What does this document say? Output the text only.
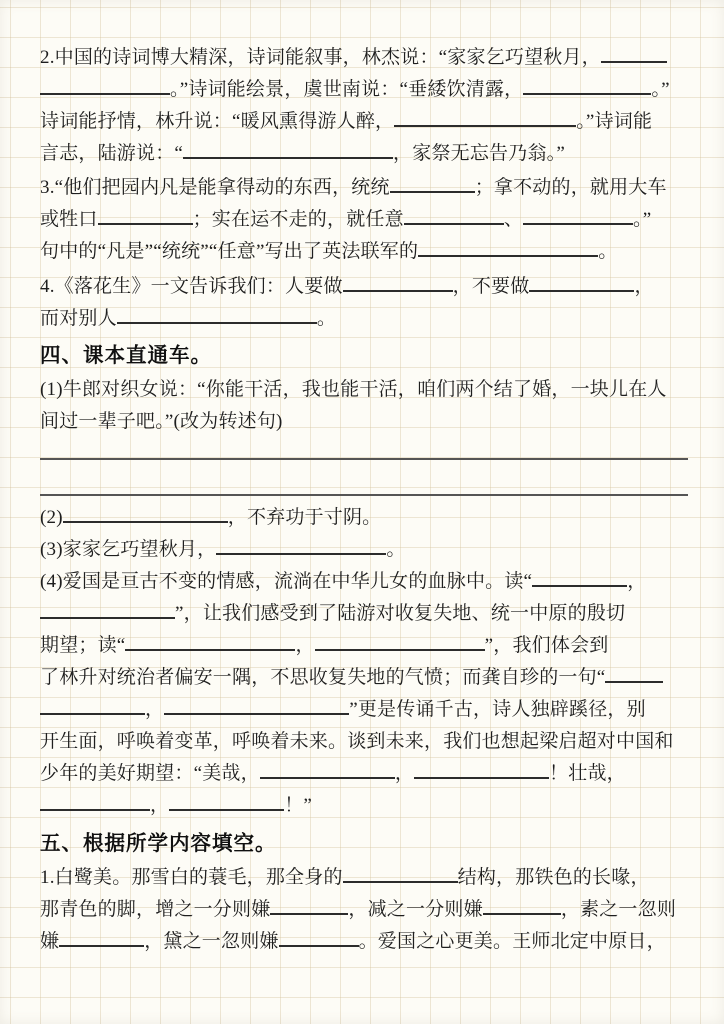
2.中国的诗词博大精深，诗词能叙事，林杰说：“家家乞巧望秋月，
。”诗词能绘景，虞世南说：“垂緌饮清露，	。”
诗词能抒情，林升说：“暖风熏得游人醉，	。”诗词能
言志，陆游说：“	，家祭无忘告乃翁。”
3.“他们把园内凡是能拿得动的东西，统统	；拿不动的，就用大车
或牲口	；实在运不走的，就任意	、	。”
句中的“凡是”“统统”“任意”写出了英法联军的	。
4.《落花生》一文告诉我们：人要做	，不要做	，
而对别人	。
四、课本直通车。
(1)牛郎对织女说：“你能干活，我也能干活，咱们两个结了婚，一块儿在人
间过一辈子吧。”(改为转述句)
(2)	，不弃功于寸阴。
(3)家家乞巧望秋月，	。
(4)爱国是亘古不变的情感，流淌在中华儿女的血脉中。读“	，
”，让我们感受到了陆游对收复失地、统一中原的殷切
期望；读“	，	”，我们体会到
了林升对统治者偏安一隅，不思收复失地的气愤；而龚自珍的一句“
，	”更是传诵千古，诗人独辟蹊径，别
开生面，呼唤着变革，呼唤着未来。谈到未来，我们也想起梁启超对中国和
少年的美好期望：“美哉，	，	！壮哉，
，	！”
五、根据所学内容填空。
1.白鹭美。那雪白的蓑毛，那全身的	结构，那铁色的长喙，
那青色的脚，增之一分则嫌	，减之一分则嫌	，素之一忽则
嫌	，黛之一忽则嫌	。爱国之心更美。王师北定中原日，
